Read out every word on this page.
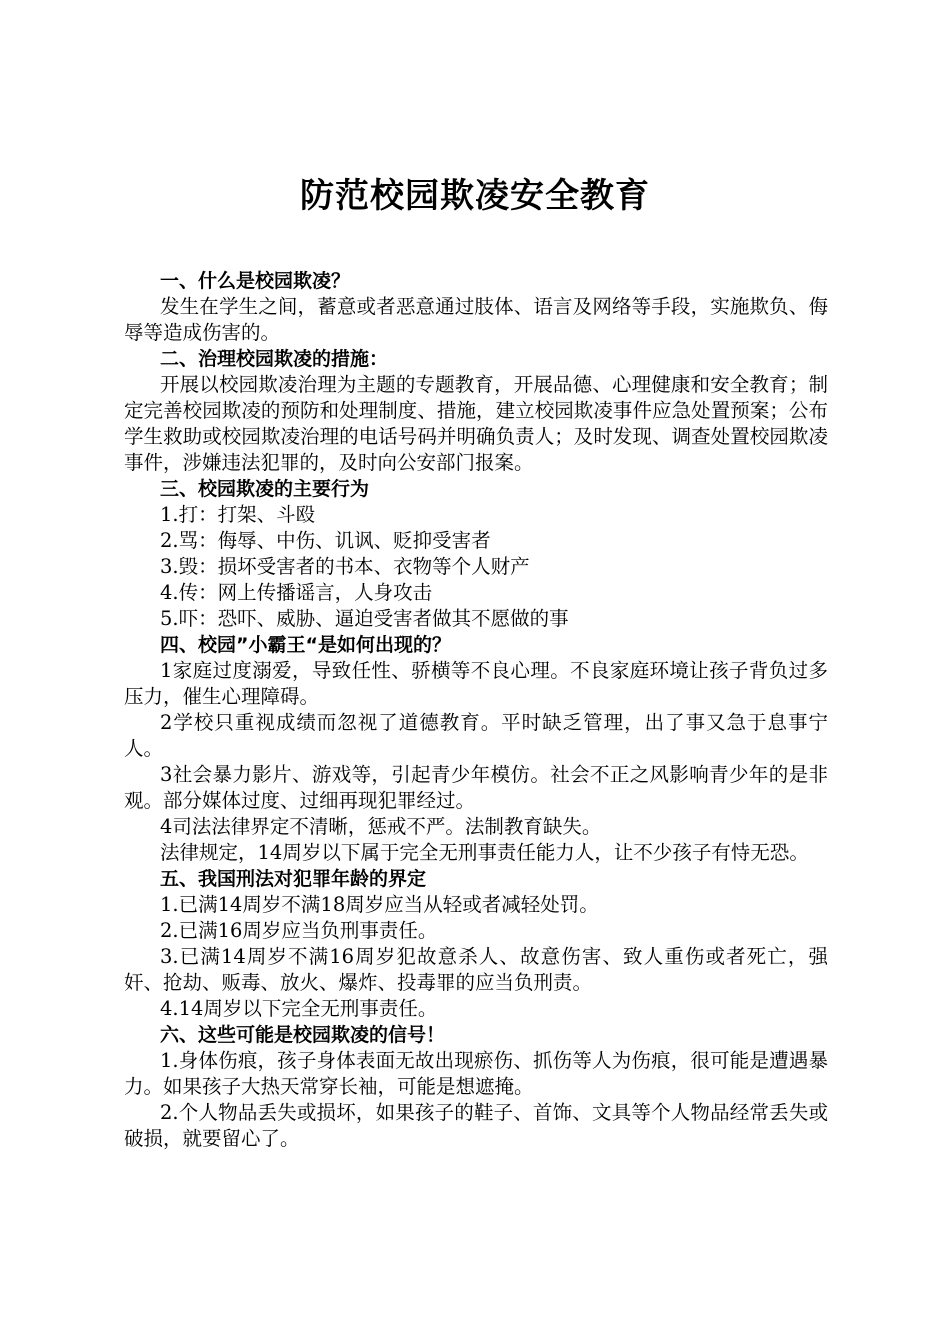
防范校园欺凌安全教育

一、什么是校园欺凌？

发生在学生之间，蓄意或者恶意通过肢体、语言及网络等手段，实施欺负、侮辱等造成伤害的。

二、治理校园欺凌的措施：

开展以校园欺凌治理为主题的专题教育，开展品德、心理健康和安全教育；制定完善校园欺凌的预防和处理制度、措施，建立校园欺凌事件应急处置预案；公布学生救助或校园欺凌治理的电话号码并明确负责人；及时发现、调查处置校园欺凌事件，涉嫌违法犯罪的，及时向公安部门报案。

三、校园欺凌的主要行为

1.打：打架、斗殴

2.骂：侮辱、中伤、讥讽、贬抑受害者

3.毁：损坏受害者的书本、衣物等个人财产

4.传：网上传播谣言，人身攻击

5.吓：恐吓、威胁、逼迫受害者做其不愿做的事

四、校园”小霸王“是如何出现的？

1家庭过度溺爱，导致任性、骄横等不良心理。不良家庭环境让孩子背负过多压力，催生心理障碍。

2学校只重视成绩而忽视了道德教育。平时缺乏管理，出了事又急于息事宁人。

3社会暴力影片、游戏等，引起青少年模仿。社会不正之风影响青少年的是非观。部分媒体过度、过细再现犯罪经过。

4司法法律界定不清晰，惩戒不严。法制教育缺失。

法律规定，14周岁以下属于完全无刑事责任能力人，让不少孩子有恃无恐。

五、我国刑法对犯罪年龄的界定

1.已满14周岁不满18周岁应当从轻或者减轻处罚。

2.已满16周岁应当负刑事责任。

3.已满14周岁不满16周岁犯故意杀人、故意伤害、致人重伤或者死亡，强奸、抢劫、贩毒、放火、爆炸、投毒罪的应当负刑责。

4.14周岁以下完全无刑事责任。

六、这些可能是校园欺凌的信号！

1.身体伤痕，孩子身体表面无故出现瘀伤、抓伤等人为伤痕，很可能是遭遇暴力。如果孩子大热天常穿长袖，可能是想遮掩。

2.个人物品丢失或损坏，如果孩子的鞋子、首饰、文具等个人物品经常丢失或破损，就要留心了。
